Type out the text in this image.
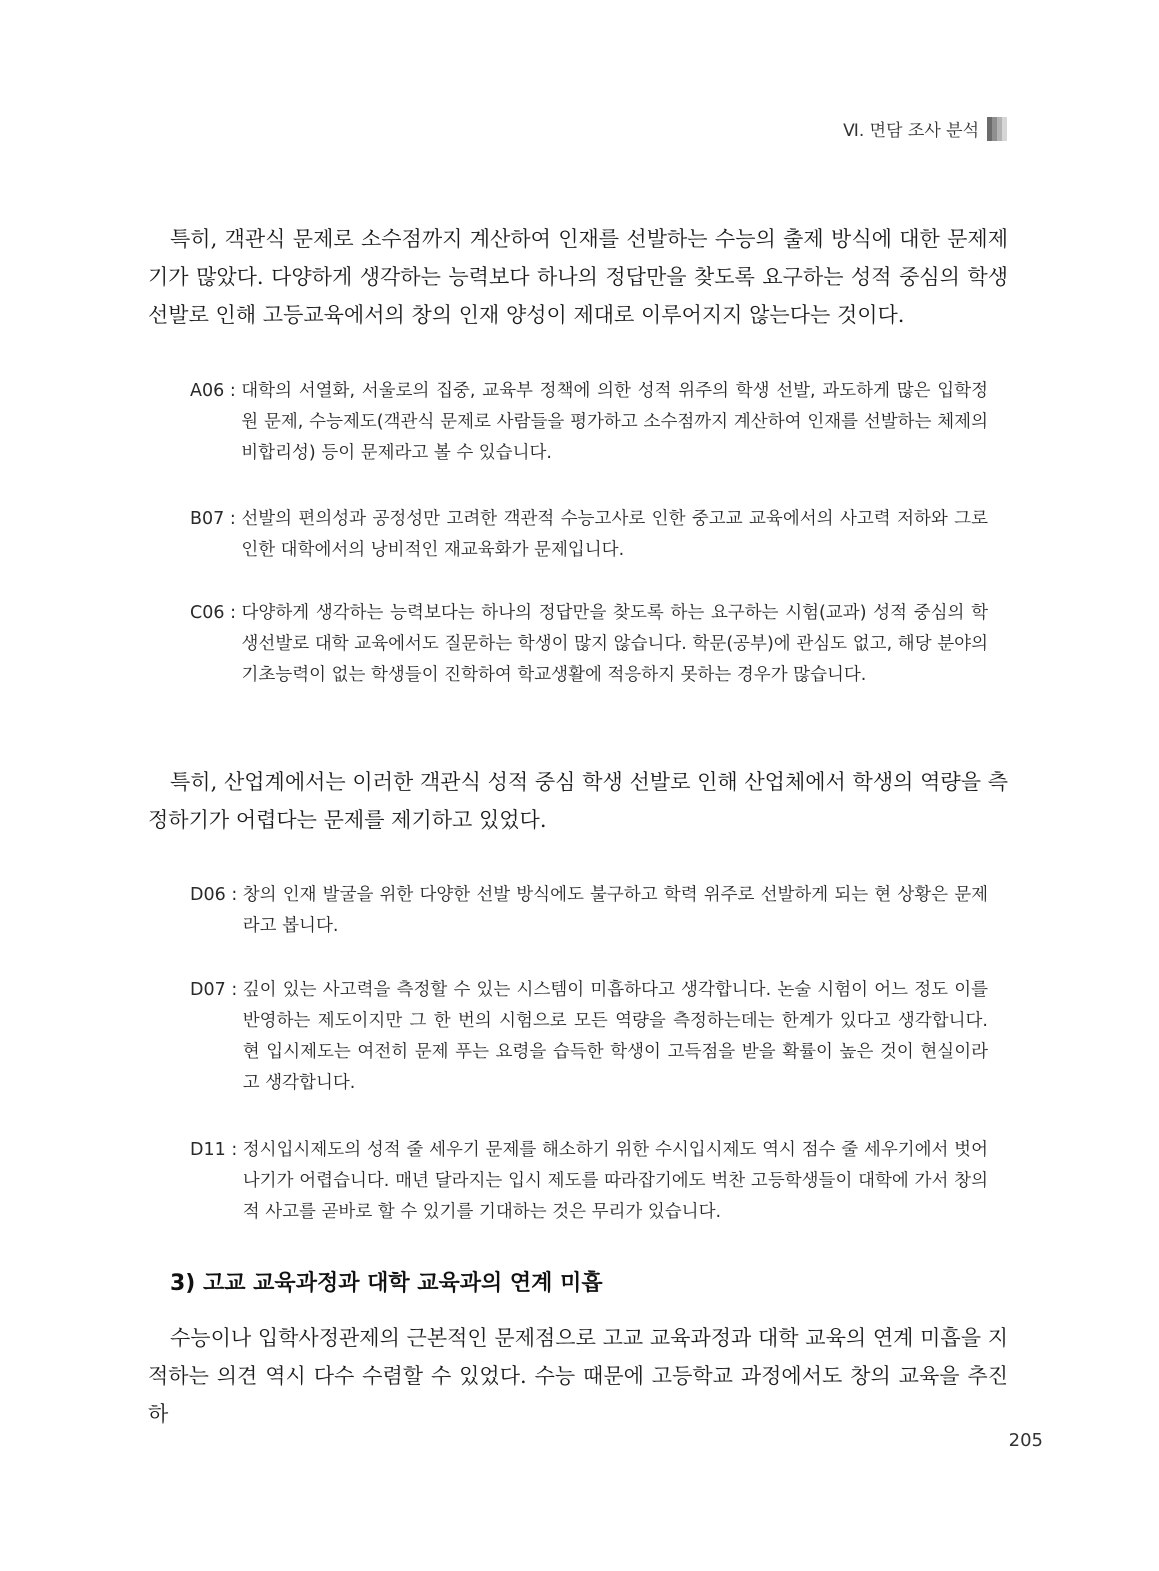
Ⅵ. 면담 조사 분석

특히, 객관식 문제로 소수점까지 계산하여 인재를 선발하는 수능의 출제 방식에 대한 문제제기가 많았다. 다양하게 생각하는 능력보다 하나의 정답만을 찾도록 요구하는 성적 중심의 학생 선발로 인해 고등교육에서의 창의 인재 양성이 제대로 이루어지지 않는다는 것이다.

A06 : 대학의 서열화, 서울로의 집중, 교육부 정책에 의한 성적 위주의 학생 선발, 과도하게 많은 입학정원 문제, 수능제도(객관식 문제로 사람들을 평가하고 소수점까지 계산하여 인재를 선발하는 체제의 비합리성) 등이 문제라고 볼 수 있습니다.
B07 : 선발의 편의성과 공정성만 고려한 객관적 수능고사로 인한 중고교 교육에서의 사고력 저하와 그로 인한 대학에서의 낭비적인 재교육화가 문제입니다.
C06 : 다양하게 생각하는 능력보다는 하나의 정답만을 찾도록 하는 요구하는 시험(교과) 성적 중심의 학생선발로 대학 교육에서도 질문하는 학생이 많지 않습니다. 학문(공부)에 관심도 없고, 해당 분야의 기초능력이 없는 학생들이 진학하여 학교생활에 적응하지 못하는 경우가 많습니다.

특히, 산업계에서는 이러한 객관식 성적 중심 학생 선발로 인해 산업체에서 학생의 역량을 측정하기가 어렵다는 문제를 제기하고 있었다.

D06 : 창의 인재 발굴을 위한 다양한 선발 방식에도 불구하고 학력 위주로 선발하게 되는 현 상황은 문제라고 봅니다.
D07 : 깊이 있는 사고력을 측정할 수 있는 시스템이 미흡하다고 생각합니다. 논술 시험이 어느 정도 이를 반영하는 제도이지만 그 한 번의 시험으로 모든 역량을 측정하는데는 한계가 있다고 생각합니다. 현 입시제도는 여전히 문제 푸는 요령을 습득한 학생이 고득점을 받을 확률이 높은 것이 현실이라고 생각합니다.
D11 : 정시입시제도의 성적 줄 세우기 문제를 해소하기 위한 수시입시제도 역시 점수 줄 세우기에서 벗어나기가 어렵습니다. 매년 달라지는 입시 제도를 따라잡기에도 벅찬 고등학생들이 대학에 가서 창의적 사고를 곧바로 할 수 있기를 기대하는 것은 무리가 있습니다.
3) 고교 교육과정과 대학 교육과의 연계 미흡

수능이나 입학사정관제의 근본적인 문제점으로 고교 교육과정과 대학 교육의 연계 미흡을 지적하는 의견 역시 다수 수렴할 수 있었다. 수능 때문에 고등학교 과정에서도 창의 교육을 추진하

205
